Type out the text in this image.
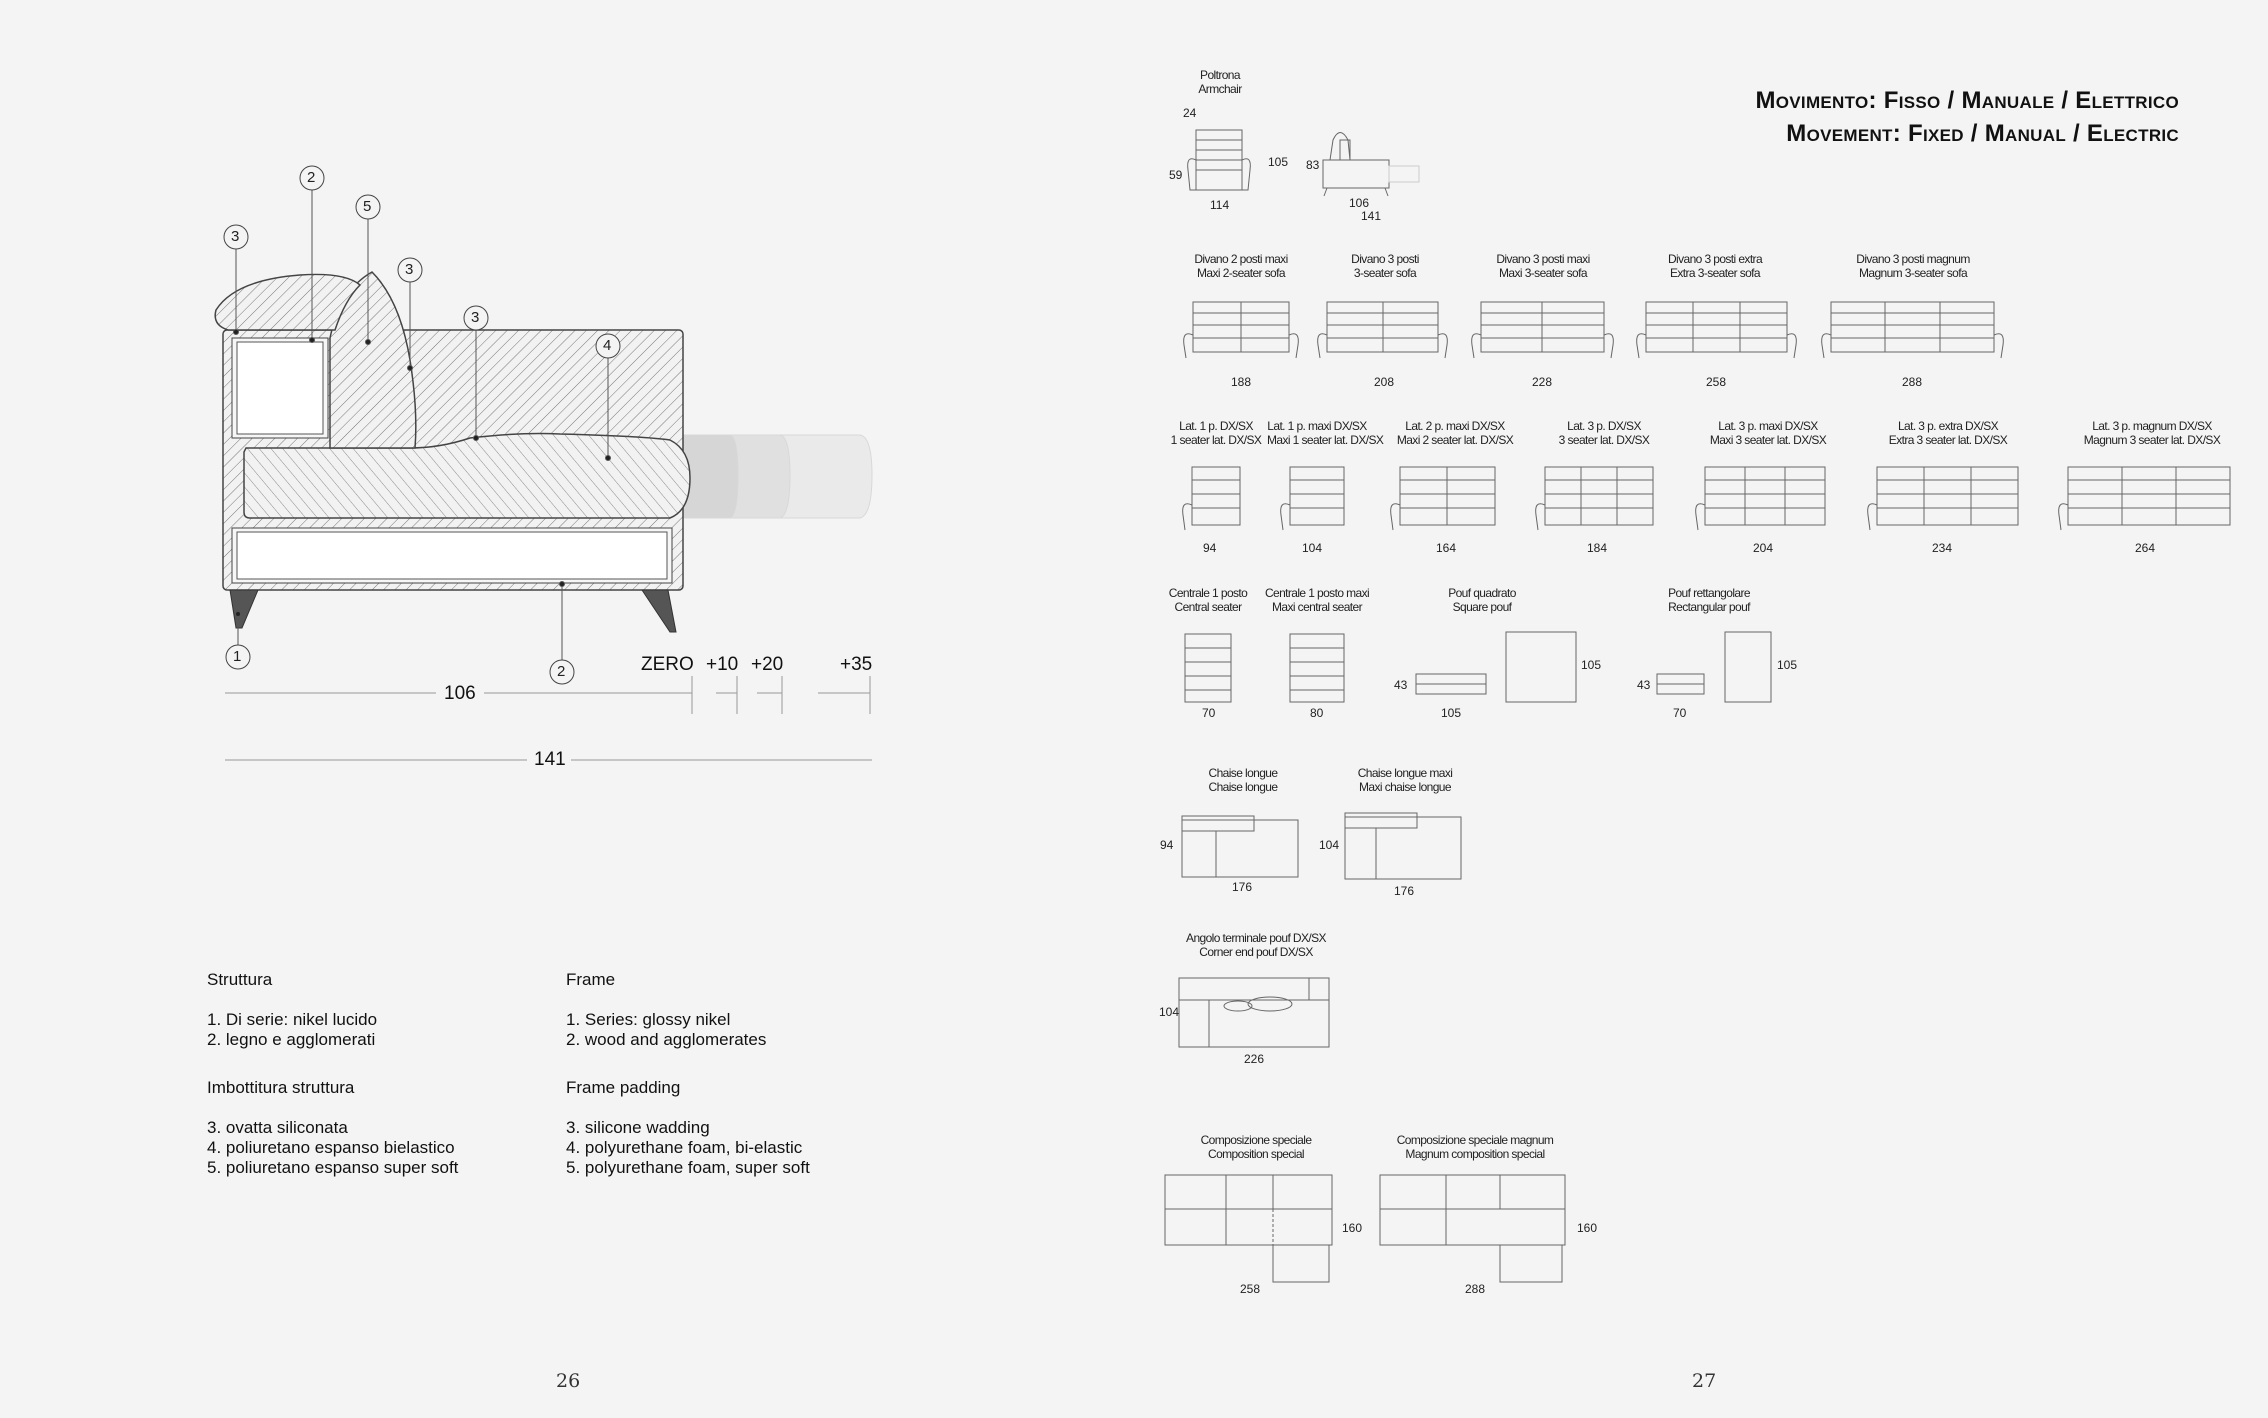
3
2
5
3
3
4
1
2	ZERO +10 +20	+35
106
141
Struttura
1. Di serie: nikel lucido
2. legno e agglomerati
Imbottitura struttura
3. ovatta siliconata
4. poliuretano espanso bielastico
5. poliuretano espanso super soft
Frame
1. Series: glossy nikel
2. wood and agglomerates
Frame padding
3. silicone wadding
4. polyurethane foam, bi-elastic
5. polyurethane foam, super soft
26
Movimento: Fisso / Manuale / Elettrico
Movement: Fixed / Manual / Electric
Poltrona
Armchair
24
59
105
114
83
106
141
Divano 2 posti maxi
Maxi 2-seater sofa
Divano 3 posti
3-seater sofa
Divano 3 posti maxi
Maxi 3-seater sofa
Divano 3 posti extra
Extra 3-seater sofa
Divano 3 posti magnum
Magnum 3-seater sofa
188	208	228	258	288
Lat. 1 p. DX/SX
1 seater lat. DX/SX
Lat. 1 p. maxi DX/SX
Maxi 1 seater lat. DX/SX
Lat. 2 p. maxi DX/SX
Maxi 2 seater lat. DX/SX
Lat. 3 p. DX/SX
3 seater lat. DX/SX
Lat. 3 p. maxi DX/SX
Maxi 3 seater lat. DX/SX
Lat. 3 p. extra DX/SX
Extra 3 seater lat. DX/SX
Lat. 3 p. magnum DX/SX
Magnum 3 seater lat. DX/SX
94	104	164	184	204	234	264
Centrale 1 posto
Central seater
Centrale 1 posto maxi
Maxi central seater
70	80
Pouf quadrato
Square pouf
Pouf rettangolare
Rectangular pouf
43
105
105
43
70
105
Chaise longue
Chaise longue
Chaise longue maxi
Maxi chaise longue
94
176
104
176
Angolo terminale pouf DX/SX
Corner end pouf DX/SX
104
226
Composizione speciale
Composition special
Composizione speciale magnum
Magnum composition special
160
258
160
288
27
